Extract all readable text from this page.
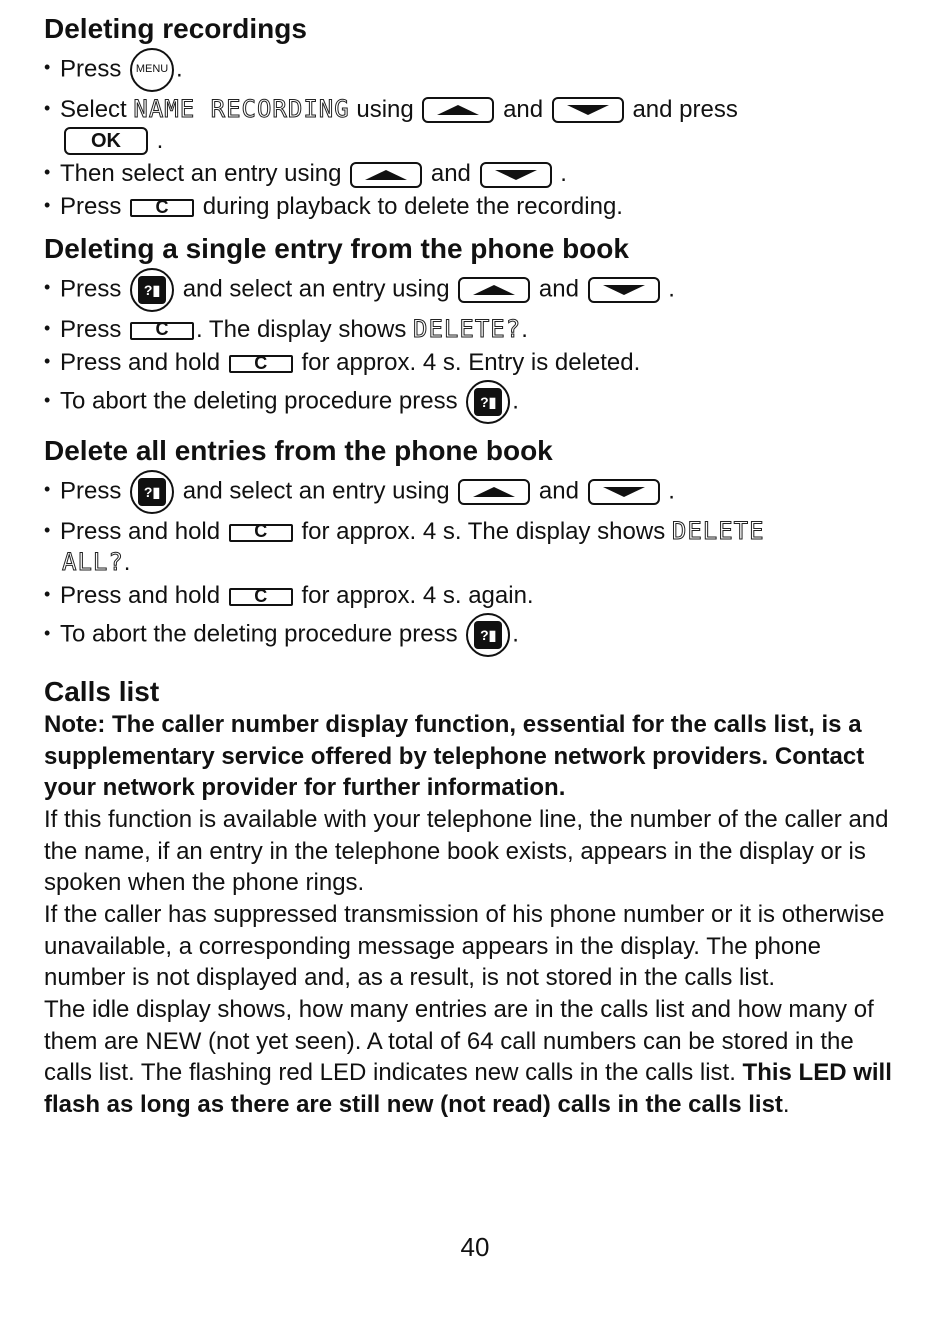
Deleting recordings
• Press MENU .
• Select NAME RECORDING using	and	and press
OK .
• Then select an entry using	and	.
• Press C during playback to delete the recording.
Deleting a single entry from the phone book
• Press	?▮ and select an entry using	and	.
• Press C . The display shows DELETE?.
• Press and hold C for approx. 4 s. Entry is deleted.
• To abort the deleting procedure press	?▮ .
Delete all entries from the phone book
• Press	?▮ and select an entry using	and	.
• Press and hold C for approx. 4 s. The display shows DELETE
ALL?.
• Press and hold C for approx. 4 s. again.
• To abort the deleting procedure press	?▮ .
Calls list

Note: The caller number display function, essential for the calls list, is a supplementary service offered by telephone network providers. Contact your network provider for further information.

If this function is available with your telephone line, the number of the caller and the name, if an entry in the telephone book exists, appears in the display or is spoken when the phone rings.

If the caller has suppressed transmission of his phone number or it is otherwise unavailable, a corresponding message appears in the display. The phone number is not displayed and, as a result, is not stored in the calls list.

The idle display shows, how many entries are in the calls list and how many of them are NEW (not yet seen). A total of 64 call numbers can be stored in the calls list. The flashing red LED indicates new calls in the calls list. This LED will flash as long as there are still new (not read) calls in the calls list.

40
